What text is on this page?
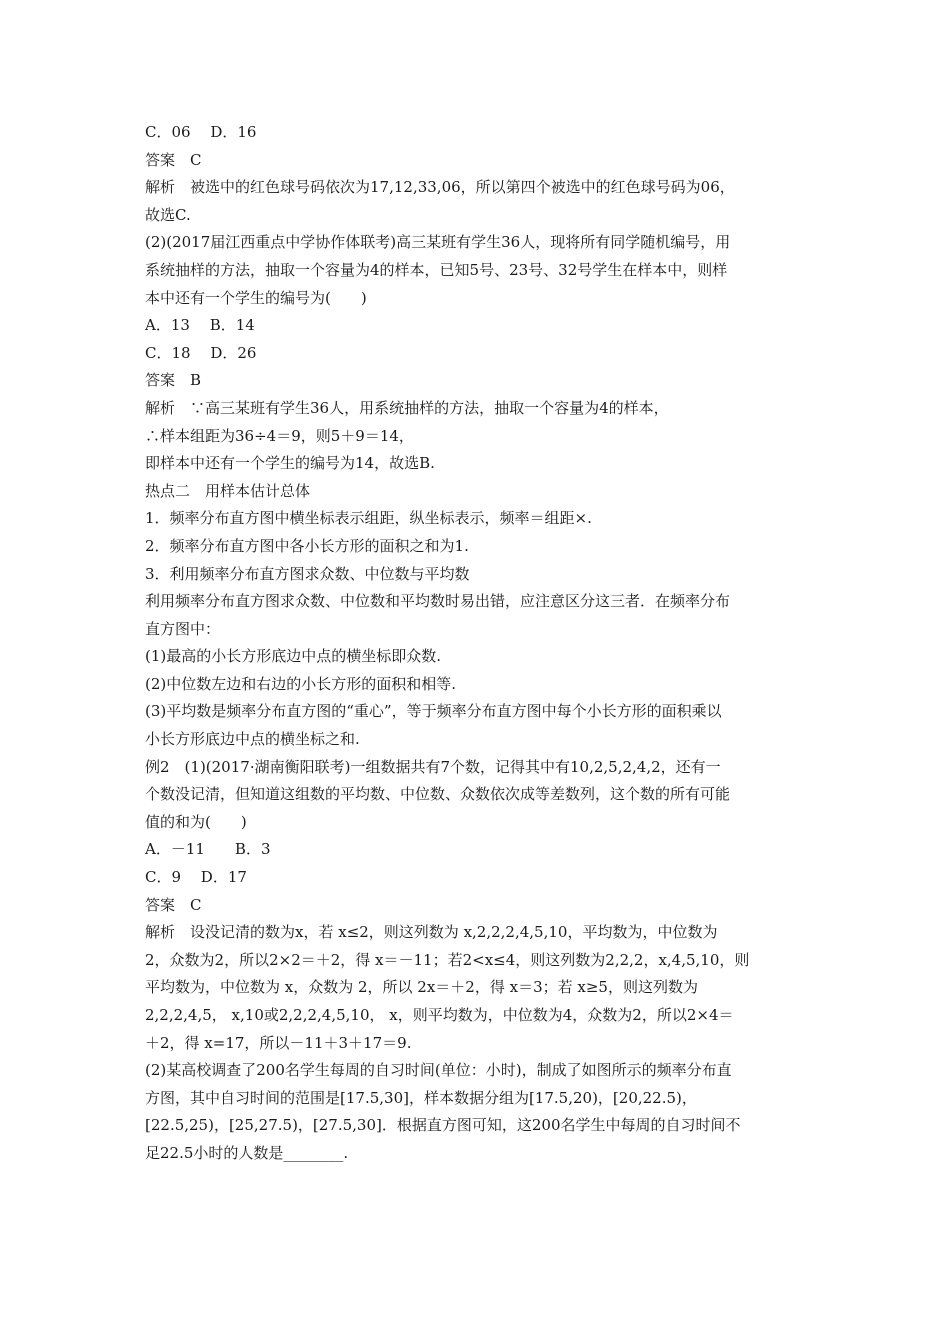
C．06　 D．16
答案　C
解析　被选中的红色球号码依次为17,12,33,06，所以第四个被选中的红色球号码为06，
故选C.
(2)(2017届江西重点中学协作体联考)高三某班有学生36人，现将所有同学随机编号，用
系统抽样的方法，抽取一个容量为4的样本，已知5号、23号、32号学生在样本中，则样
本中还有一个学生的编号为(　　)
A．13　 B．14
C．18　 D．26
答案　B
解析　∵高三某班有学生36人，用系统抽样的方法，抽取一个容量为4的样本，
∴样本组距为36÷4＝9，则5＋9＝14，
即样本中还有一个学生的编号为14，故选B.
热点二　用样本估计总体
1．频率分布直方图中横坐标表示组距，纵坐标表示，频率＝组距×.
2．频率分布直方图中各小长方形的面积之和为1.
3．利用频率分布直方图求众数、中位数与平均数
利用频率分布直方图求众数、中位数和平均数时易出错，应注意区分这三者．在频率分布
直方图中：
(1)最高的小长方形底边中点的横坐标即众数.
(2)中位数左边和右边的小长方形的面积和相等.
(3)平均数是频率分布直方图的“重心”，等于频率分布直方图中每个小长方形的面积乘以
小长方形底边中点的横坐标之和.
例2　(1)(2017·湖南衡阳联考)一组数据共有7个数，记得其中有10,2,5,2,4,2，还有一
个数没记清，但知道这组数的平均数、中位数、众数依次成等差数列，这个数的所有可能
值的和为(　　)
A．－11　　B．3
C．9　 D．17
答案　C
解析　设没记清的数为x，若 x≤2，则这列数为 x,2,2,2,4,5,10，平均数为，中位数为
2，众数为2，所以2×2＝＋2，得 x＝－11；若2<x≤4，则这列数为2,2,2，x,4,5,10，则
平均数为，中位数为 x，众数为 2，所以 2x＝＋2，得 x＝3；若 x≥5，则这列数为
2,2,2,4,5， x,10或2,2,2,4,5,10， x，则平均数为，中位数为4，众数为2，所以2×4＝
＋2，得 x=17，所以－11＋3＋17＝9.
(2)某高校调查了200名学生每周的自习时间(单位：小时)，制成了如图所示的频率分布直
方图，其中自习时间的范围是[17.5,30]，样本数据分组为[17.5,20)，[20,22.5)，
[22.5,25)，[25,27.5)，[27.5,30]．根据直方图可知，这200名学生中每周的自习时间不
足22.5小时的人数是________.
